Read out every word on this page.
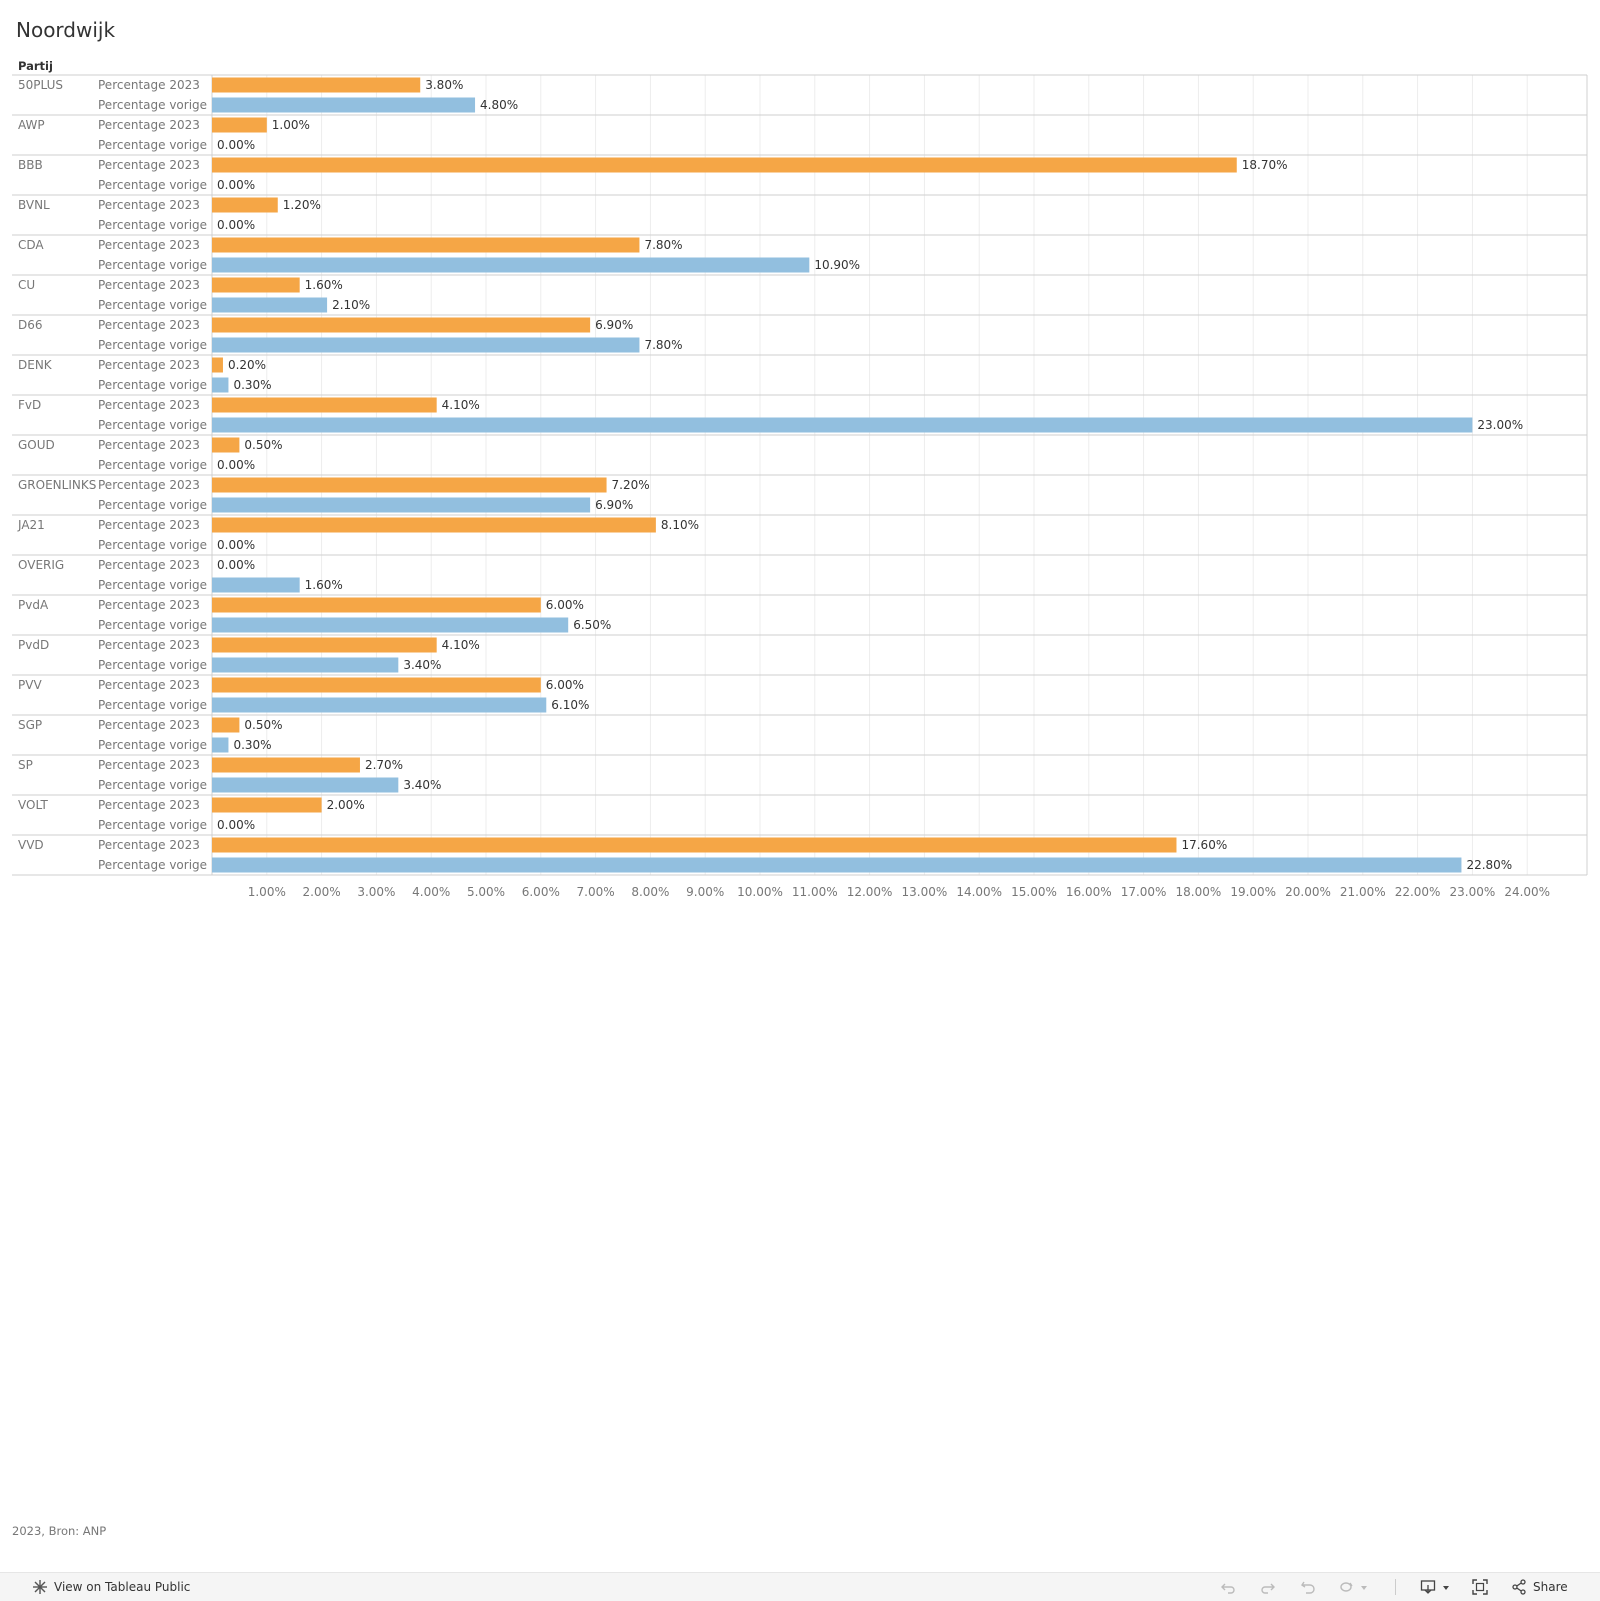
Noordwijk
Partij
50PLUS	Percentage 2023	3.80%
Percentage vorige	4.80%
AWP	Percentage 2023	1.00%
Percentage vorige 0.00%
BBB	Percentage 2023	18.70%
Percentage vorige 0.00%
BVNL	Percentage 2023	1.20%
Percentage vorige 0.00%
CDA	Percentage 2023	7.80%
Percentage vorige	10.90%
CU	Percentage 2023	1.60%
Percentage vorige	2.10%
D66	Percentage 2023	6.90%
Percentage vorige	7.80%
DENK	Percentage 2023 0.20%
Percentage vorige 0.30%
FvD	Percentage 2023	4.10%
Percentage vorige	23.00%
GOUD	Percentage 2023	0.50%
Percentage vorige 0.00%
GROENLINKS Percentage 2023	7.20%
Percentage vorige	6.90%
JA21	Percentage 2023	8.10%
Percentage vorige 0.00%
OVERIG	Percentage 2023 0.00%
Percentage vorige	1.60%
PvdA	Percentage 2023	6.00%
Percentage vorige	6.50%
PvdD	Percentage 2023	4.10%
Percentage vorige	3.40%
PVV	Percentage 2023	6.00%
Percentage vorige	6.10%
SGP	Percentage 2023	0.50%
Percentage vorige 0.30%
SP	Percentage 2023	2.70%
Percentage vorige	3.40%
VOLT	Percentage 2023	2.00%
Percentage vorige 0.00%
VVD	Percentage 2023	17.60%
Percentage vorige	22.80%
1.00% 2.00% 3.00% 4.00% 5.00% 6.00% 7.00% 8.00% 9.00% 10.00% 11.00% 12.00% 13.00% 14.00% 15.00% 16.00% 17.00% 18.00% 19.00% 20.00% 21.00% 22.00% 23.00% 24.00%
2023, Bron: ANP
View on Tableau Public	Share
